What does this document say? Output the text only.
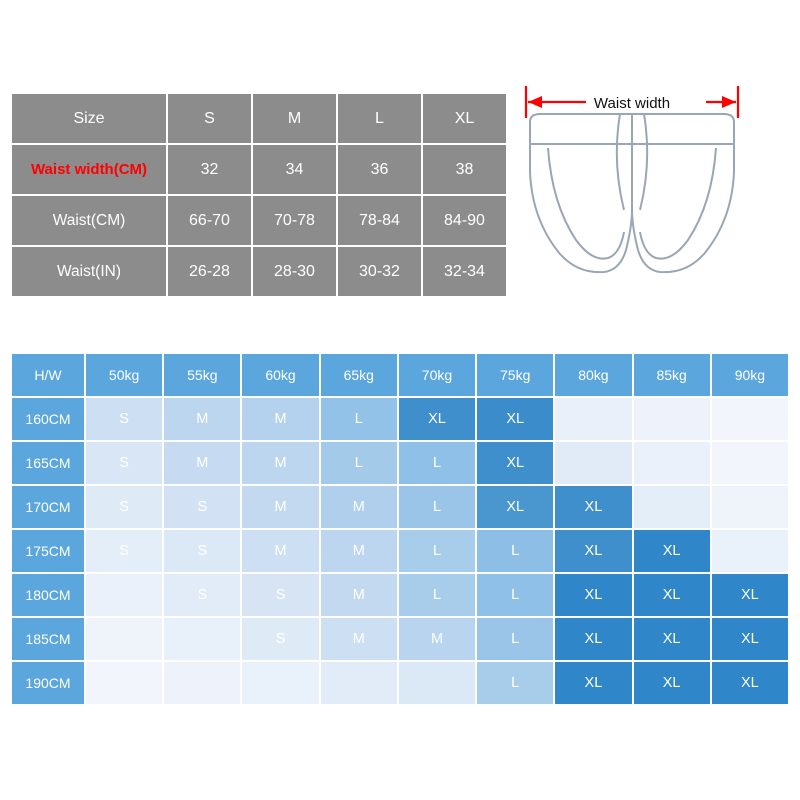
Size	S	M	L	XL
Waist width(CM)	32	34	36	38
Waist(CM)	66-70	70-78	78-84	84-90
Waist(IN)	26-28	28-30	30-32	32-34
Waist width
H/W	50kg	55kg	60kg	65kg	70kg	75kg	80kg	85kg	90kg
160CM	S	M	M	L	XL	XL			
165CM	S	M	M	L	L	XL			
170CM	S	S	M	M	L	XL	XL		
175CM	S	S	M	M	L	L	XL	XL	
180CM		S	S	M	L	L	XL	XL	XL
185CM			S	M	M	L	XL	XL	XL
190CM						L	XL	XL	XL
